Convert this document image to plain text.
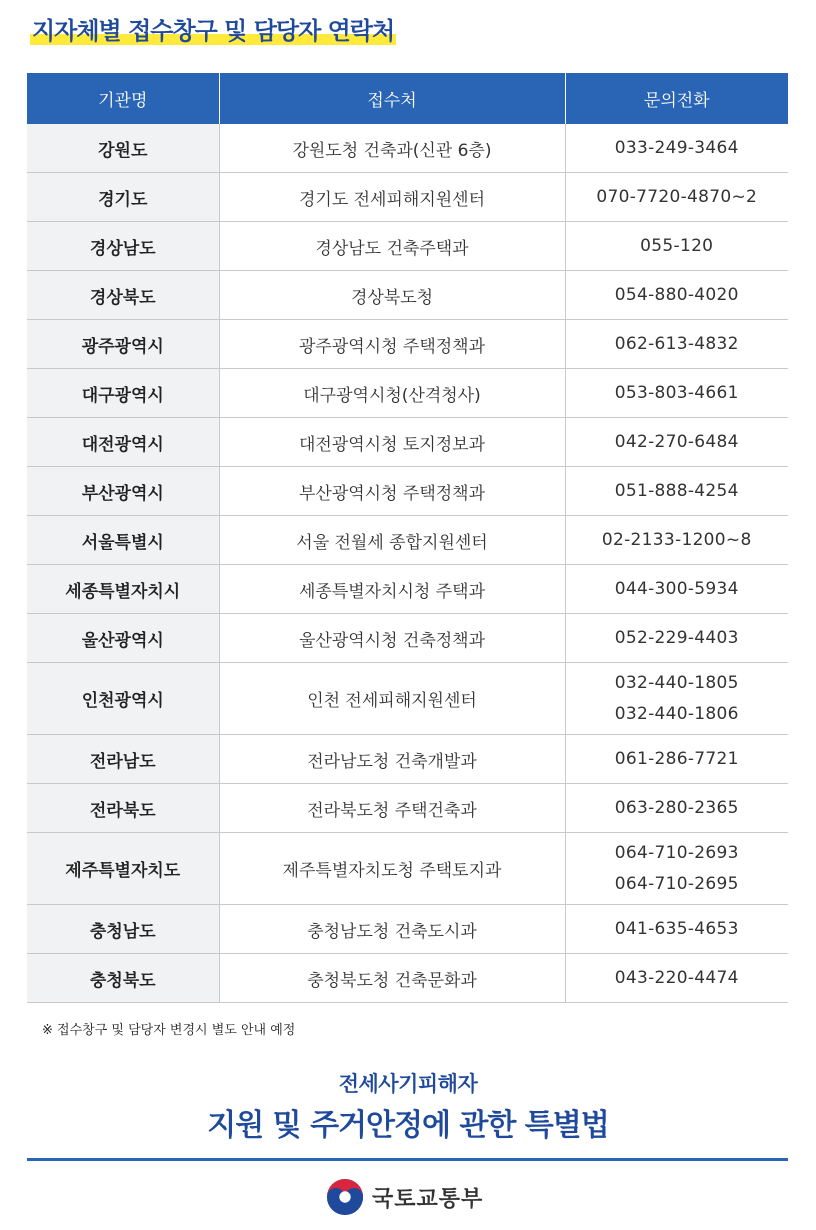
지자체별 접수창구 및 담당자 연락처
기관명	접수처	문의전화
강원도	강원도청 건축과(신관 6층)	033-249-3464

경기도	경기도 전세피해지원센터	070-7720-4870~2

경상남도	경상남도 건축주택과	055-120

경상북도	경상북도청	054-880-4020

광주광역시	광주광역시청 주택정책과	062-613-4832

대구광역시	대구광역시청(산격청사)	053-803-4661

대전광역시	대전광역시청 토지정보과	042-270-6484

부산광역시	부산광역시청 주택정책과	051-888-4254

서울특별시	서울 전월세 종합지원센터	02-2133-1200~8

세종특별자치시	세종특별자치시청 주택과	044-300-5934

울산광역시	울산광역시청 건축정책과	052-229-4403

인천광역시	인천 전세피해지원센터	032-440-1805
032-440-1806

전라남도	전라남도청 건축개발과	061-286-7721

전라북도	전라북도청 주택건축과	063-280-2365

제주특별자치도	제주특별자치도청 주택토지과	064-710-2693
064-710-2695

충청남도	충청남도청 건축도시과	041-635-4653

충청북도	충청북도청 건축문화과	043-220-4474
※ 접수창구 및 담당자 변경시 별도 안내 예정
전세사기피해자
지원 및 주거안정에 관한 특별법
국토교통부
